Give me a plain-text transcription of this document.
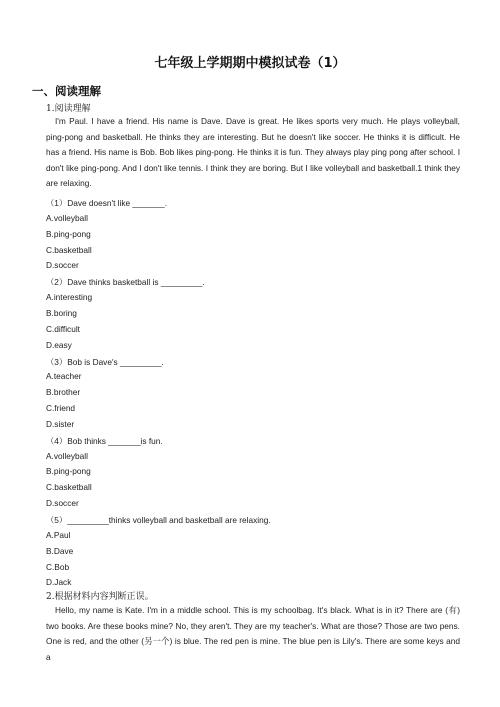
七年级上学期期中模拟试卷（1）
一、阅读理解
1.阅读理解
I'm Paul. I have a friend. His name is Dave. Dave is great. He likes sports very much. He plays volleyball, ping-pong and basketball. He thinks they are interesting. But he doesn't like soccer. He thinks it is difficult. He has a friend. His name is Bob. Bob likes ping-pong. He thinks it is fun. They always play ping pong after school. I don't like ping-pong. And I don't like tennis. I think they are boring. But I like volleyball and basketball.1 think they are relaxing.
（1）Dave doesn't like _______.
A.volleyball
B.ping-pong
C.basketball
D.soccer
（2）Dave thinks basketball is _________.
A.interesting
B.boring
C.difficult
D.easy
（3）Bob is Dave's _________.
A.teacher
B.brother
C.friend
D.sister
（4）Bob thinks _______is fun.
A.volleyball
B.ping-pong
C.basketball
D.soccer
（5）_________thinks volleyball and basketball are relaxing.
A.Paul
B.Dave
C.Bob
D.Jack
2.根据材料内容判断正误。
Hello, my name is Kate. I'm in a middle school. This is my schoolbag. It's black. What is in it? There are (有) two books. Are these books mine? No, they aren't. They are my teacher's. What are those? Those are two pens. One is red, and the other (另一个) is blue. The red pen is mine. The blue pen is Lily's. There are some keys and a
